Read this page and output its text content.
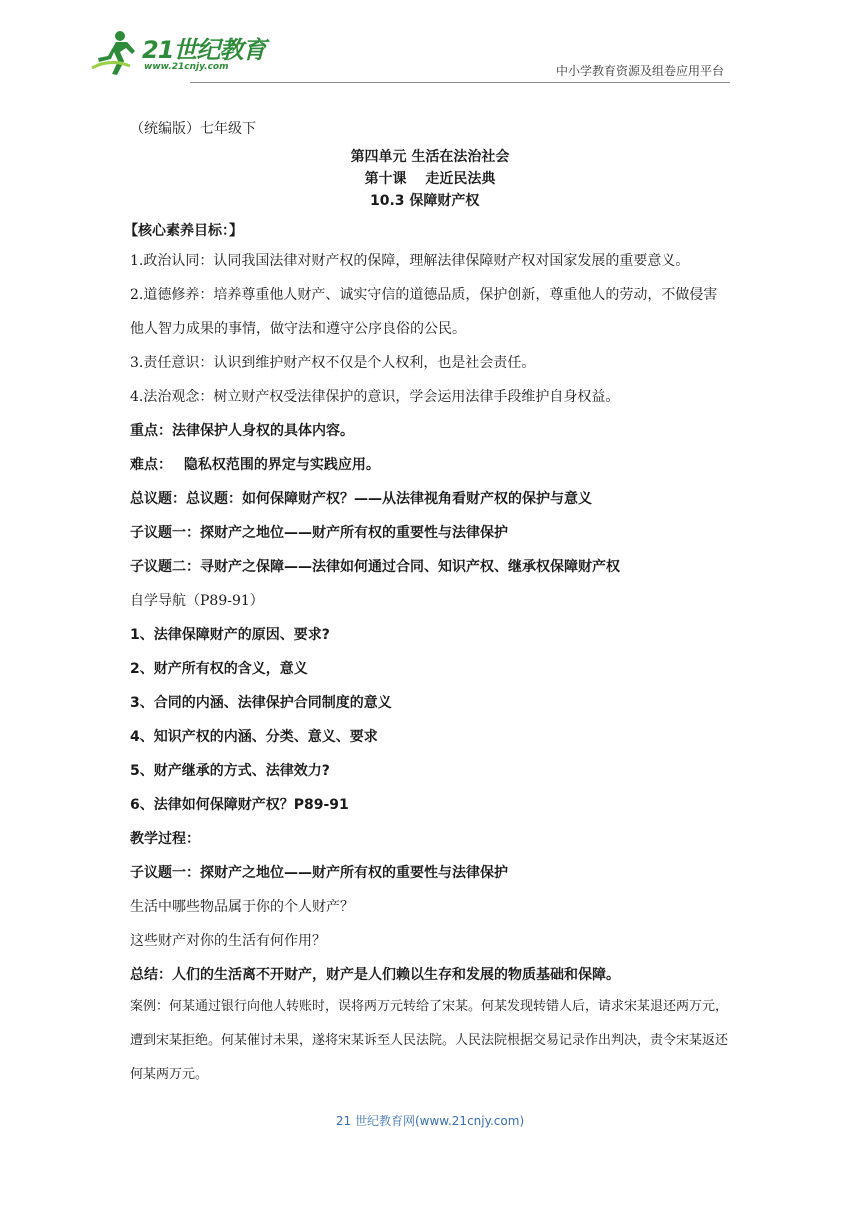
21世纪教育
www.21cnjy.com	中小学教育资源及组卷应用平台
（统编版）七年级下
第四单元 生活在法治社会
第十课　 走近民法典
10.3 保障财产权
【核心素养目标：】
1.政治认同：认同我国法律对财产权的保障，理解法律保障财产权对国家发展的重要意义。
2.道德修养：培养尊重他人财产、诚实守信的道德品质，保护创新，尊重他人的劳动，不做侵害他人智力成果的事情，做守法和遵守公序良俗的公民。
3.责任意识：认识到维护财产权不仅是个人权利，也是社会责任。
4.法治观念：树立财产权受法律保护的意识，学会运用法律手段维护自身权益。
重点：法律保护人身权的具体内容。
难点：　 隐私权范围的界定与实践应用。
总议题：总议题：如何保障财产权？——从法律视角看财产权的保护与意义
子议题一：探财产之地位——财产所有权的重要性与法律保护
子议题二：寻财产之保障——法律如何通过合同、知识产权、继承权保障财产权
自学导航（P89-91）
1、法律保障财产的原因、要求?
2、财产所有权的含义，意义
3、合同的内涵、法律保护合同制度的意义
4、知识产权的内涵、分类、意义、要求
5、财产继承的方式、法律效力?
6、法律如何保障财产权？P89-91
教学过程：
子议题一：探财产之地位——财产所有权的重要性与法律保护
生活中哪些物品属于你的个人财产？
这些财产对你的生活有何作用？
总结：人们的生活离不开财产，财产是人们赖以生存和发展的物质基础和保障。
案例：何某通过银行向他人转账时，误将两万元转给了宋某。何某发现转错人后，请求宋某退还两万元，遭到宋某拒绝。何某催讨未果，遂将宋某诉至人民法院。人民法院根据交易记录作出判决，责令宋某返还何某两万元。
21 世纪教育网(www.21cnjy.com)
